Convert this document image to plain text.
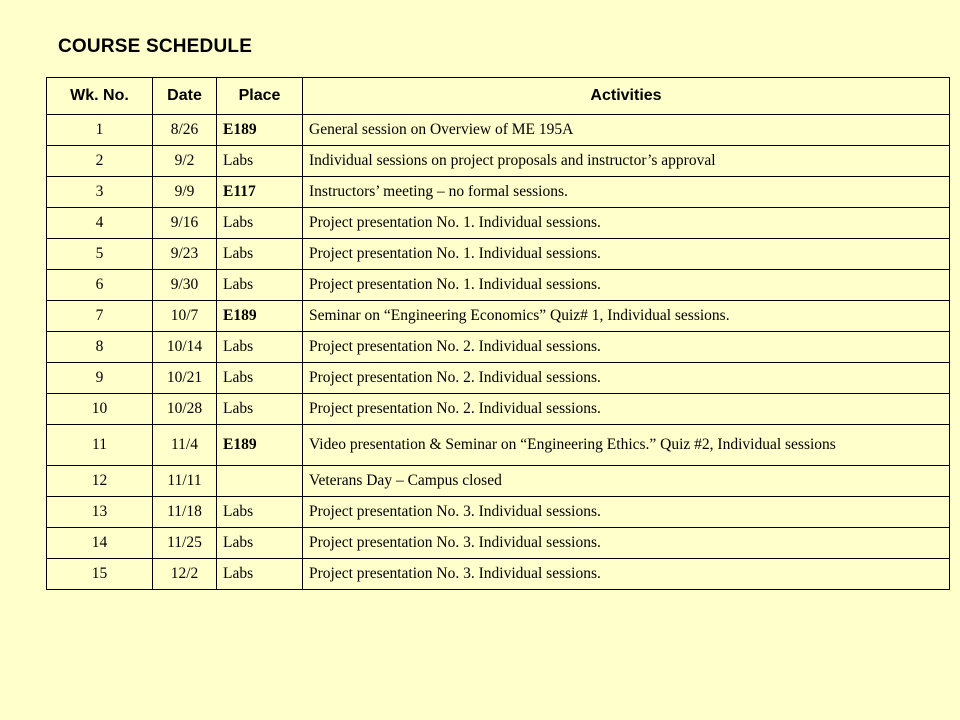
COURSE SCHEDULE
Wk. No.	Date	Place	Activities
1	8/26	E189	General session on Overview of ME 195A
2	9/2	Labs	Individual sessions on project proposals and instructor’s approval
3	9/9	E117	Instructors’ meeting – no formal sessions.
4	9/16	Labs	Project presentation No. 1. Individual sessions.
5	9/23	Labs	Project presentation No. 1. Individual sessions.
6	9/30	Labs	Project presentation No. 1. Individual sessions.
7	10/7	E189	Seminar on “Engineering Economics” Quiz# 1, Individual sessions.
8	10/14	Labs	Project presentation No. 2. Individual sessions.
9	10/21	Labs	Project presentation No. 2. Individual sessions.
10	10/28	Labs	Project presentation No. 2. Individual sessions.
11	11/4	E189	Video presentation & Seminar on “Engineering Ethics.” Quiz #2, Individual sessions
12	11/11		Veterans Day – Campus closed
13	11/18	Labs	Project presentation No. 3. Individual sessions.
14	11/25	Labs	Project presentation No. 3. Individual sessions.
15	12/2	Labs	Project presentation No. 3. Individual sessions.
